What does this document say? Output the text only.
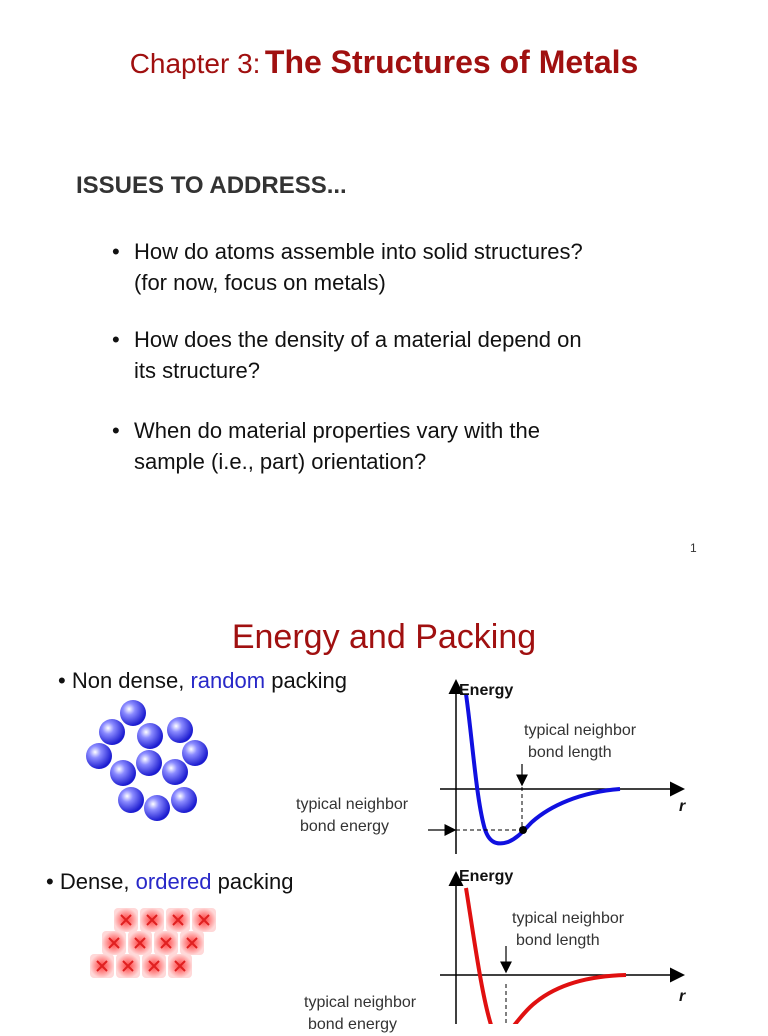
Chapter 3: The Structures of Metals
ISSUES TO ADDRESS...
• How do atoms assemble into solid structures?
(for now, focus on metals)
• How does the density of a material depend on
its structure?
• When do material properties vary with the
sample (i.e., part) orientation?
1
Energy and Packing
• Non dense, random packing
• Dense, ordered packing
Energy
typical neighbor
bond length
typical neighbor
bond energy
r
Energy
typical neighbor
bond length
typical neighbor
bond energy
r
